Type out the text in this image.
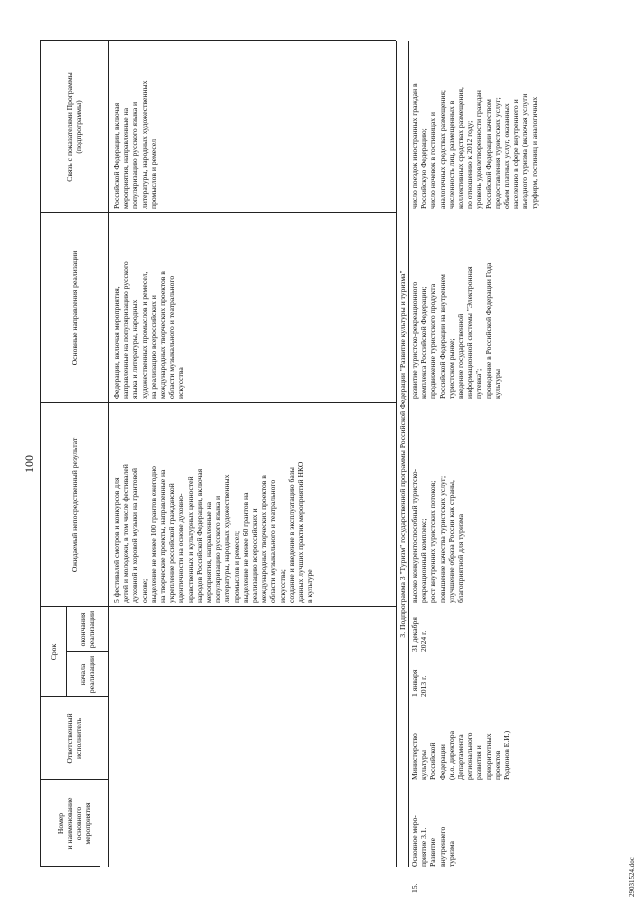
100
Номер
и наименование
основного
мероприятия
Ответственный
исполнитель
Срок
начала
реализации
окончания
реализации
Ожидаемый непосредственный результат
Основные направления реализации
Связь с показателями Программы
(подпрограммы)
5 фестивалей смотров и конкурсов для
детей и молодежи, в том числе фестивалей
духовной и хоровой музыки на грантовой
основе;
выделение не менее 100 грантов ежегодно
на творческие проекты, направленные на
укрепление российской гражданской
идентичности на основе духовно-
нравственных и культурных ценностей
народов Российской Федерации, включая
мероприятия, направленные на
популяризацию русского языка и
литературы, народных художественных
промыслов и ремесел;
выделение не менее 60 грантов на
реализацию всероссийских и
международных творческих проектов в
области музыкального и театрального
искусства;
создание и введение в эксплуатацию базы
данных лучших практик мероприятий НКО
в культуре
Федерации, включая мероприятия,
направленные на популяризацию русского
языка и литературы, народных
художественных промыслов и ремесел,
на реализацию всероссийских и
международных творческих проектов в
области музыкального и театрального
искусства
Российской Федерации, включая
мероприятия, направленные на
популяризацию русского языка и
литературы, народных художественных
промыслов и ремесел
3. Подпрограмма 3 "Туризм" государственной программы Российской Федерации "Развитие культуры и туризма"
15.
Основное меро-
приятие 3.1.
Развитие
внутреннего
туризма
Министерство
культуры
Российской
Федерации
(и.о. директора
Департамента
регионального
развития и
приоритетных
проектов
Родионов Е.И.)
1 января
2013 г.
31 декабря
2024 г.
высоко конкурентоспособный туристско-
рекреационный комплекс;
рост внутренних туристских потоков;
повышение качества туристских услуг;
улучшение образа России как страны,
благоприятной для туризма
развитие туристско-рекреационного
комплекса Российской Федерации;
продвижение туристского продукта
Российской Федерации на внутреннем
туристском рынке;
введение государственной
информационной системы "Электронная
путевка";
проведение в Российской Федерации Года
культуры
число поездок иностранных граждан в
Российскую Федерацию;
число ночевок в гостиницах и
аналогичных средствах размещения;
численность лиц, размещенных в
коллективных средствах размещения,
по отношению к 2012 году;
уровень удовлетворенности граждан
Российской Федерации качеством
предоставления туристских услуг;
объем платных услуг, оказанных
населению в сфере внутреннего и
въездного туризма (включая услуги
турфирм, гостиниц и аналогичных
29031524.doc
